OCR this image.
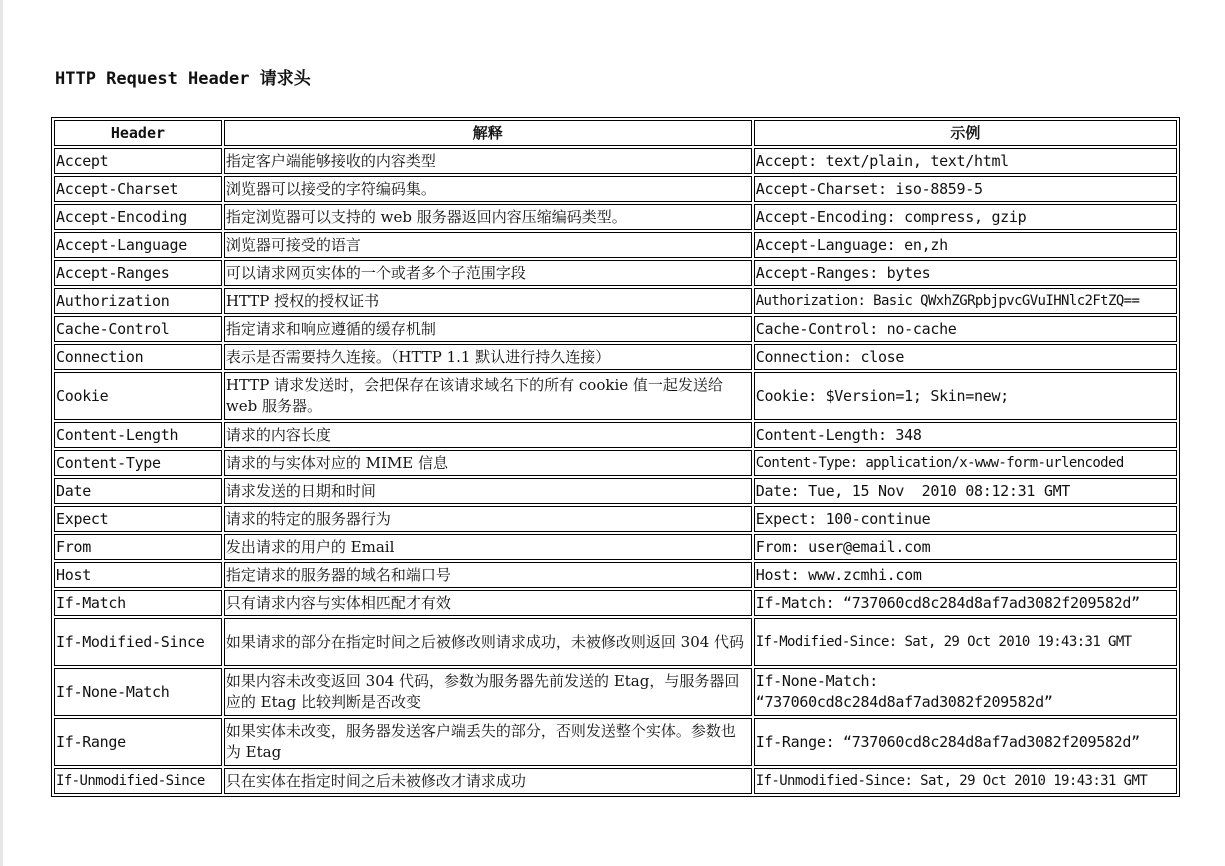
HTTP Request Header 请求头
Header	解释	示例
Accept	指定客户端能够接收的内容类型	Accept: text/plain, text/html
Accept-Charset	浏览器可以接受的字符编码集。	Accept-Charset: iso-8859-5
Accept-Encoding	指定浏览器可以支持的 web 服务器返回内容压缩编码类型。	Accept-Encoding: compress, gzip
Accept-Language	浏览器可接受的语言	Accept-Language: en,zh
Accept-Ranges	可以请求网页实体的一个或者多个子范围字段	Accept-Ranges: bytes
Authorization	HTTP 授权的授权证书	Authorization: Basic QWxhZGRpbjpvcGVuIHNlc2FtZQ==
Cache-Control	指定请求和响应遵循的缓存机制	Cache-Control: no-cache
Connection	表示是否需要持久连接。（HTTP 1.1 默认进行持久连接）	Connection: close
Cookie	HTTP 请求发送时，会把保存在该请求域名下的所有 cookie 值一起发送给 web 服务器。	Cookie: $Version=1; Skin=new;
Content-Length	请求的内容长度	Content-Length: 348
Content-Type	请求的与实体对应的 MIME 信息	Content-Type: application/x-www-form-urlencoded
Date	请求发送的日期和时间	Date: Tue, 15 Nov  2010 08:12:31 GMT
Expect	请求的特定的服务器行为	Expect: 100-continue
From	发出请求的用户的 Email	From: user@email.com
Host	指定请求的服务器的域名和端口号	Host: www.zcmhi.com
If-Match	只有请求内容与实体相匹配才有效	If-Match: “737060cd8c284d8af7ad3082f209582d”
If-Modified-Since	如果请求的部分在指定时间之后被修改则请求成功，未被修改则返回 304 代码	If-Modified-Since: Sat, 29 Oct 2010 19:43:31 GMT
If-None-Match	如果内容未改变返回 304 代码，参数为服务器先前发送的 Etag，与服务器回应的 Etag 比较判断是否改变	If-None-Match: “737060cd8c284d8af7ad3082f209582d”
If-Range	如果实体未改变，服务器发送客户端丢失的部分，否则发送整个实体。参数也为 Etag	If-Range: “737060cd8c284d8af7ad3082f209582d”
If-Unmodified-Since	只在实体在指定时间之后未被修改才请求成功	If-Unmodified-Since: Sat, 29 Oct 2010 19:43:31 GMT
